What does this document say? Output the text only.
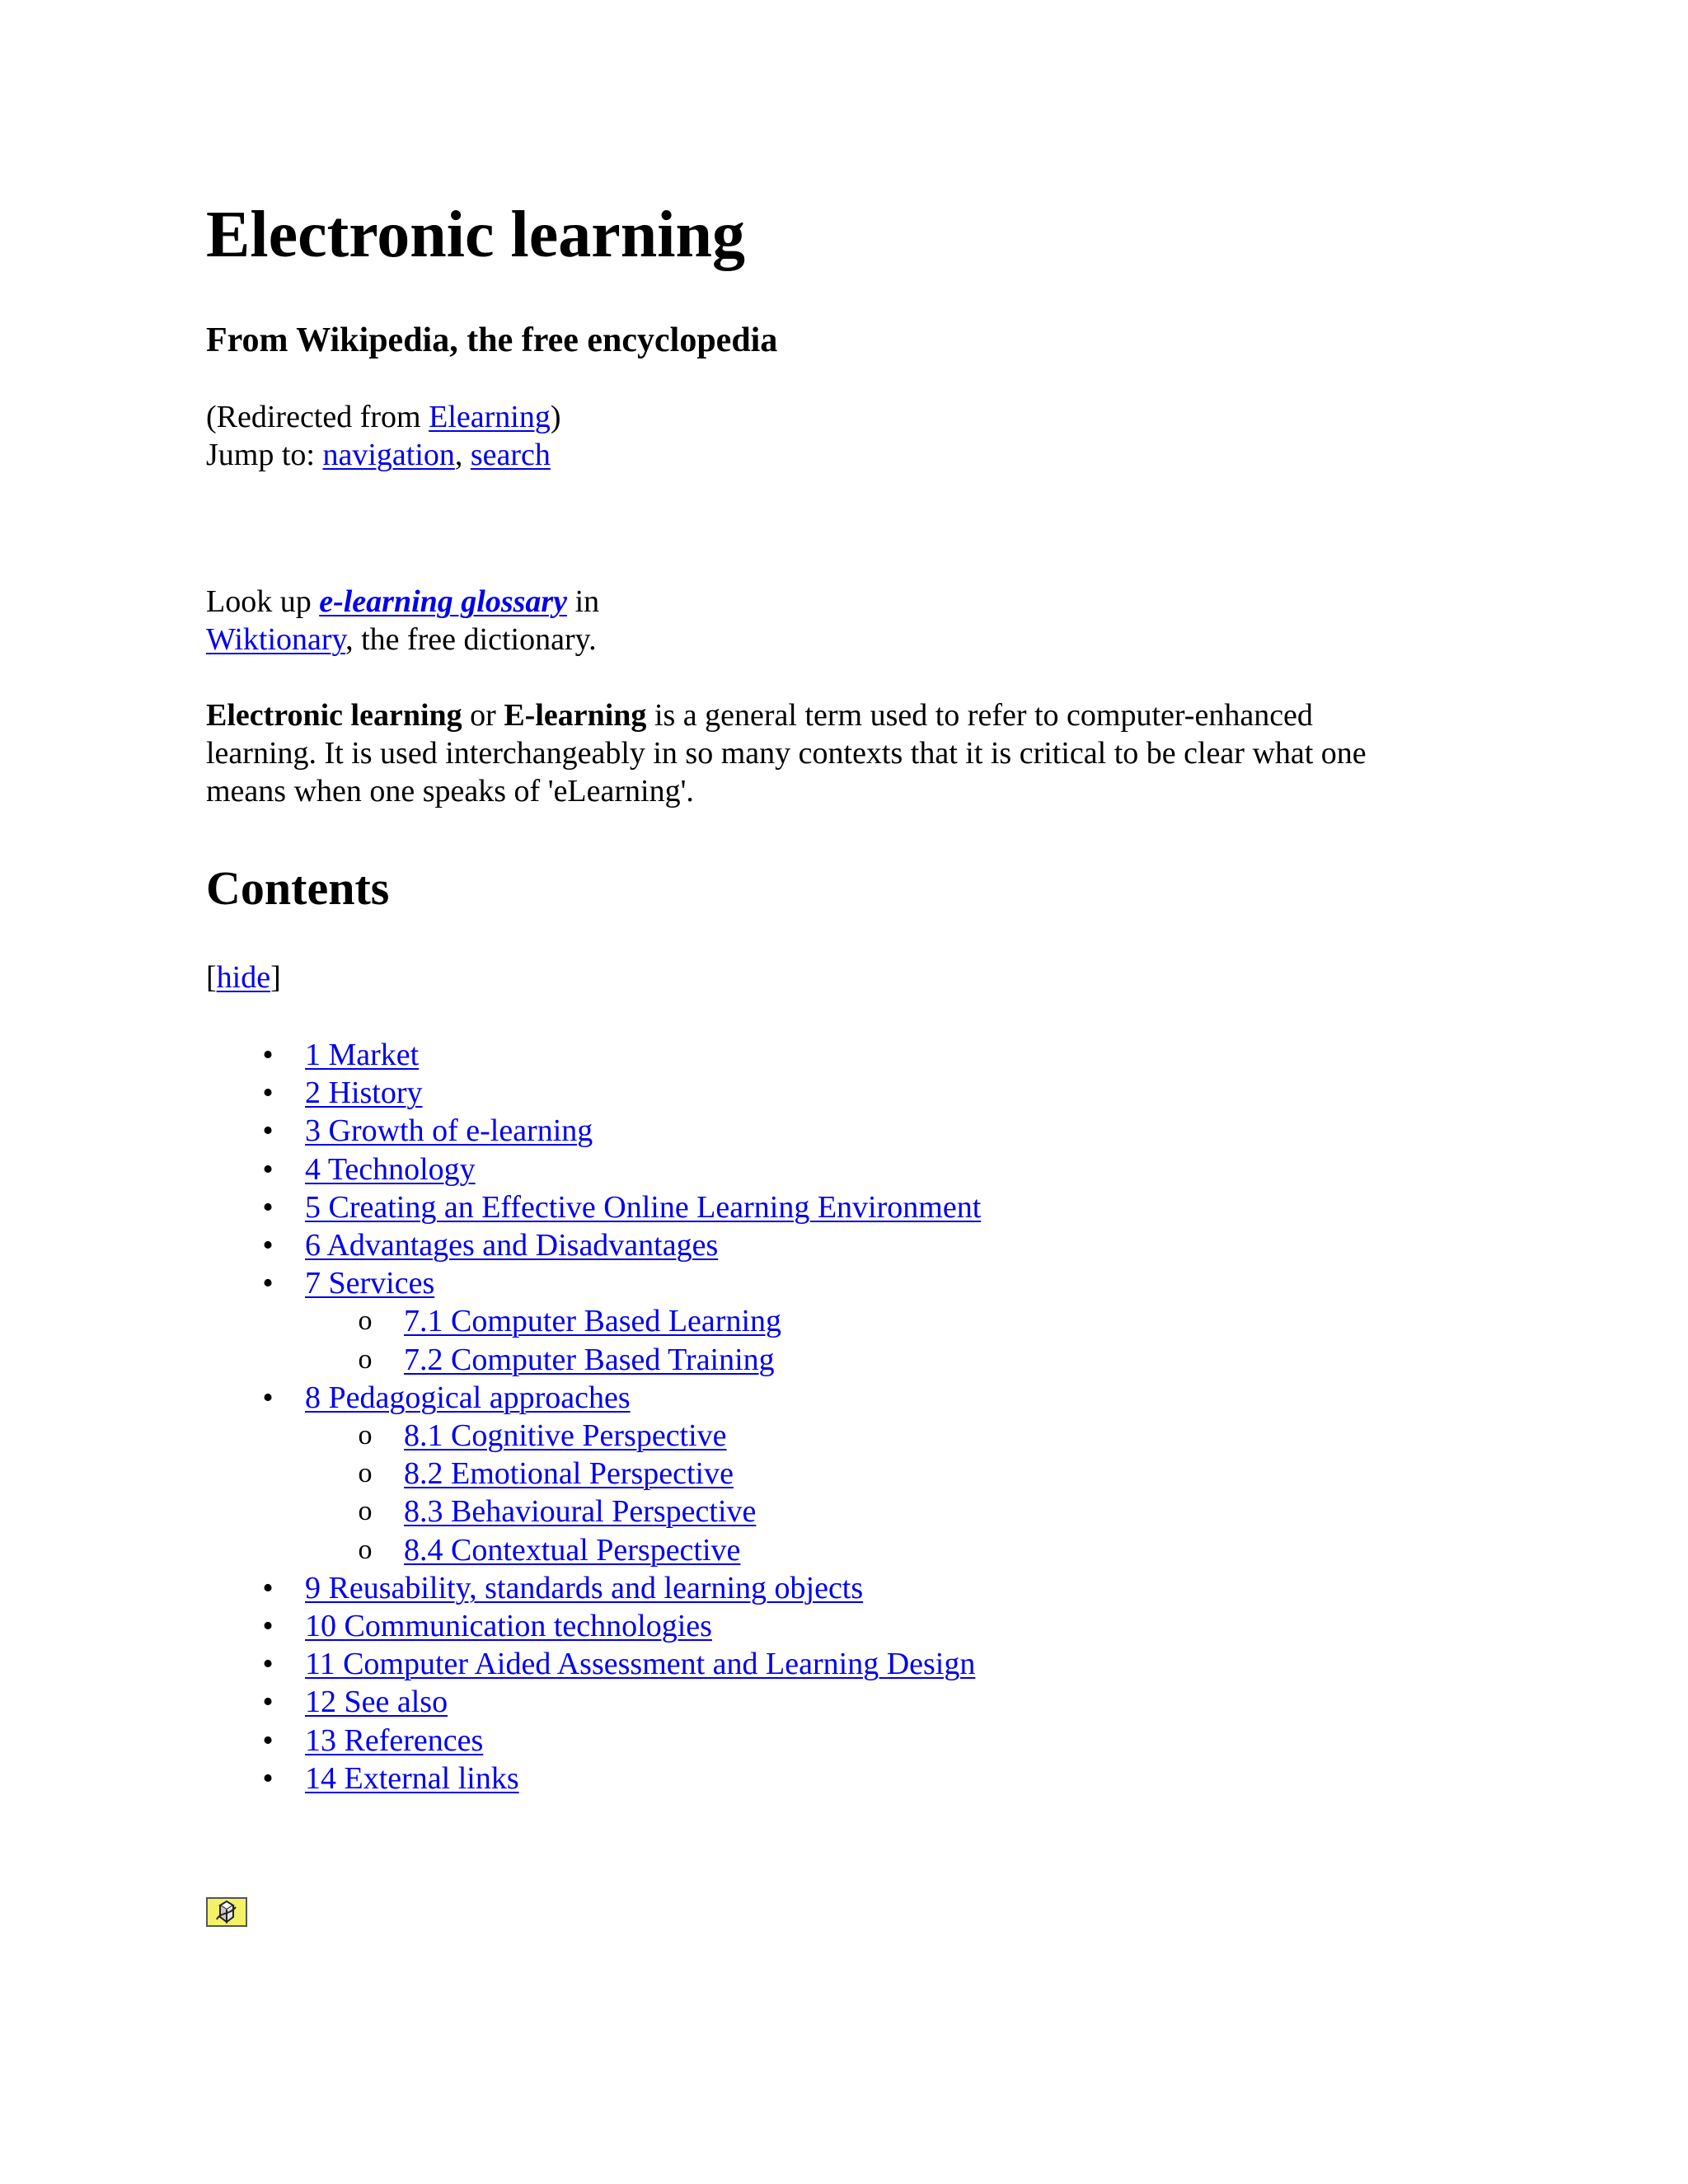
Electronic learning
From Wikipedia, the free encyclopedia
(Redirected from Elearning)
Jump to: navigation, search
Look up e-learning glossary in
Wiktionary, the free dictionary.

Electronic learning or E-learning is a general term used to refer to computer-enhanced learning. It is used interchangeably in so many contexts that it is critical to be clear what one means when one speaks of 'eLearning'.

Contents
[hide]
• 1 Market
• 2 History
• 3 Growth of e-learning
• 4 Technology
• 5 Creating an Effective Online Learning Environment
• 6 Advantages and Disadvantages
• 7 Services
o 7.1 Computer Based Learning
o 7.2 Computer Based Training
• 8 Pedagogical approaches
o 8.1 Cognitive Perspective
o 8.2 Emotional Perspective
o 8.3 Behavioural Perspective
o 8.4 Contextual Perspective
• 9 Reusability, standards and learning objects
• 10 Communication technologies
• 11 Computer Aided Assessment and Learning Design
• 12 See also
• 13 References
• 14 External links
